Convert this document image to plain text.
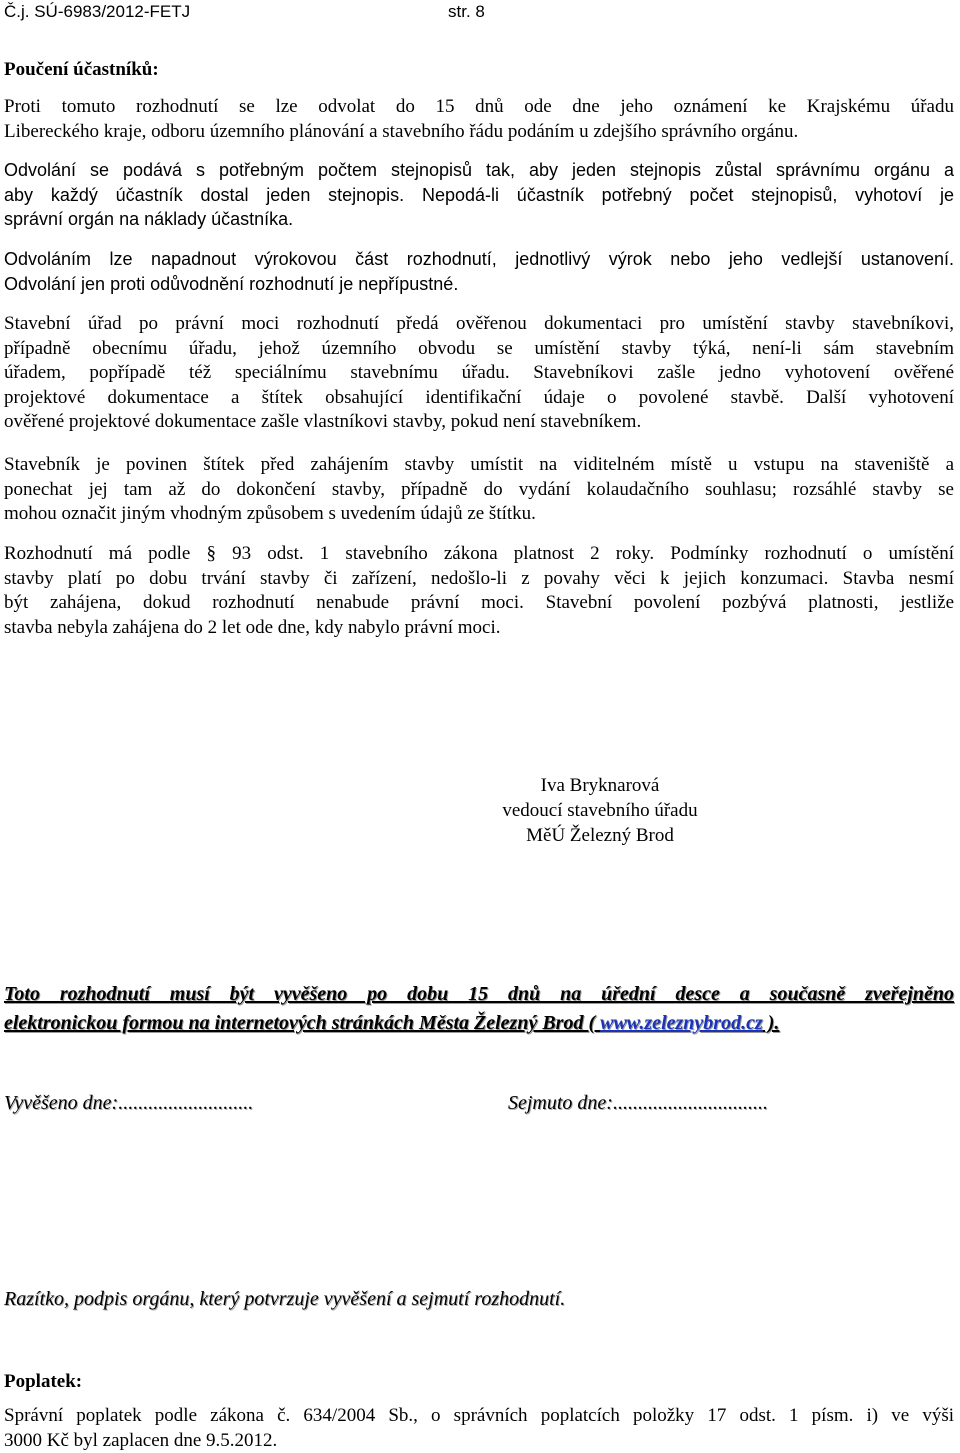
Č.j. SÚ-6983/2012-FETJ	str. 8
Poučení účastníků:
Proti tomuto rozhodnutí se lze odvolat do 15 dnů ode dne jeho oznámení ke Krajskému úřadu
Libereckého kraje, odboru územního plánování a stavebního řádu podáním u zdejšího správního orgánu.
Odvolání se podává s potřebným počtem stejnopisů tak, aby jeden stejnopis zůstal správnímu orgánu a
aby každý účastník dostal jeden stejnopis. Nepodá-li účastník potřebný počet stejnopisů, vyhotoví je
správní orgán na náklady účastníka.
Odvoláním lze napadnout výrokovou část rozhodnutí, jednotlivý výrok nebo jeho vedlejší ustanovení.
Odvolání jen proti odůvodnění rozhodnutí je nepřípustné.
Stavební úřad po právní moci rozhodnutí předá ověřenou dokumentaci pro umístění stavby stavebníkovi,
případně obecnímu úřadu, jehož územního obvodu se umístění stavby týká, není-li sám stavebním
úřadem, popřípadě též speciálnímu stavebnímu úřadu. Stavebníkovi zašle jedno vyhotovení ověřené
projektové dokumentace a štítek obsahující identifikační údaje o povolené stavbě. Další vyhotovení
ověřené projektové dokumentace zašle vlastníkovi stavby, pokud není stavebníkem.
Stavebník je povinen štítek před zahájením stavby umístit na viditelném místě u vstupu na staveniště a
ponechat jej tam až do dokončení stavby, případně do vydání kolaudačního souhlasu; rozsáhlé stavby se
mohou označit jiným vhodným způsobem s uvedením údajů ze štítku.
Rozhodnutí má podle § 93 odst. 1 stavebního zákona platnost 2 roky. Podmínky rozhodnutí o umístění
stavby platí po dobu trvání stavby či zařízení, nedošlo-li z povahy věci k jejich konzumaci. Stavba nesmí
být zahájena, dokud rozhodnutí nenabude právní moci. Stavební povolení pozbývá platnosti, jestliže
stavba nebyla zahájena do 2 let ode dne, kdy nabylo právní moci.
Iva Bryknarová
vedoucí stavebního úřadu
MěÚ Železný Brod
Toto rozhodnutí musí být vyvěšeno po dobu 15 dnů na úřední desce a současně zveřejněno
elektronickou formou na internetových stránkách Města Železný Brod ( www.zeleznybrod.cz ).
Vyvěšeno dne:...........................	Sejmuto dne:...............................
Razítko, podpis orgánu, který potvrzuje vyvěšení a sejmutí rozhodnutí.
Poplatek:
Správní poplatek podle zákona č. 634/2004 Sb., o správních poplatcích položky 17 odst. 1 písm. i) ve výši
3000 Kč byl zaplacen dne 9.5.2012.
